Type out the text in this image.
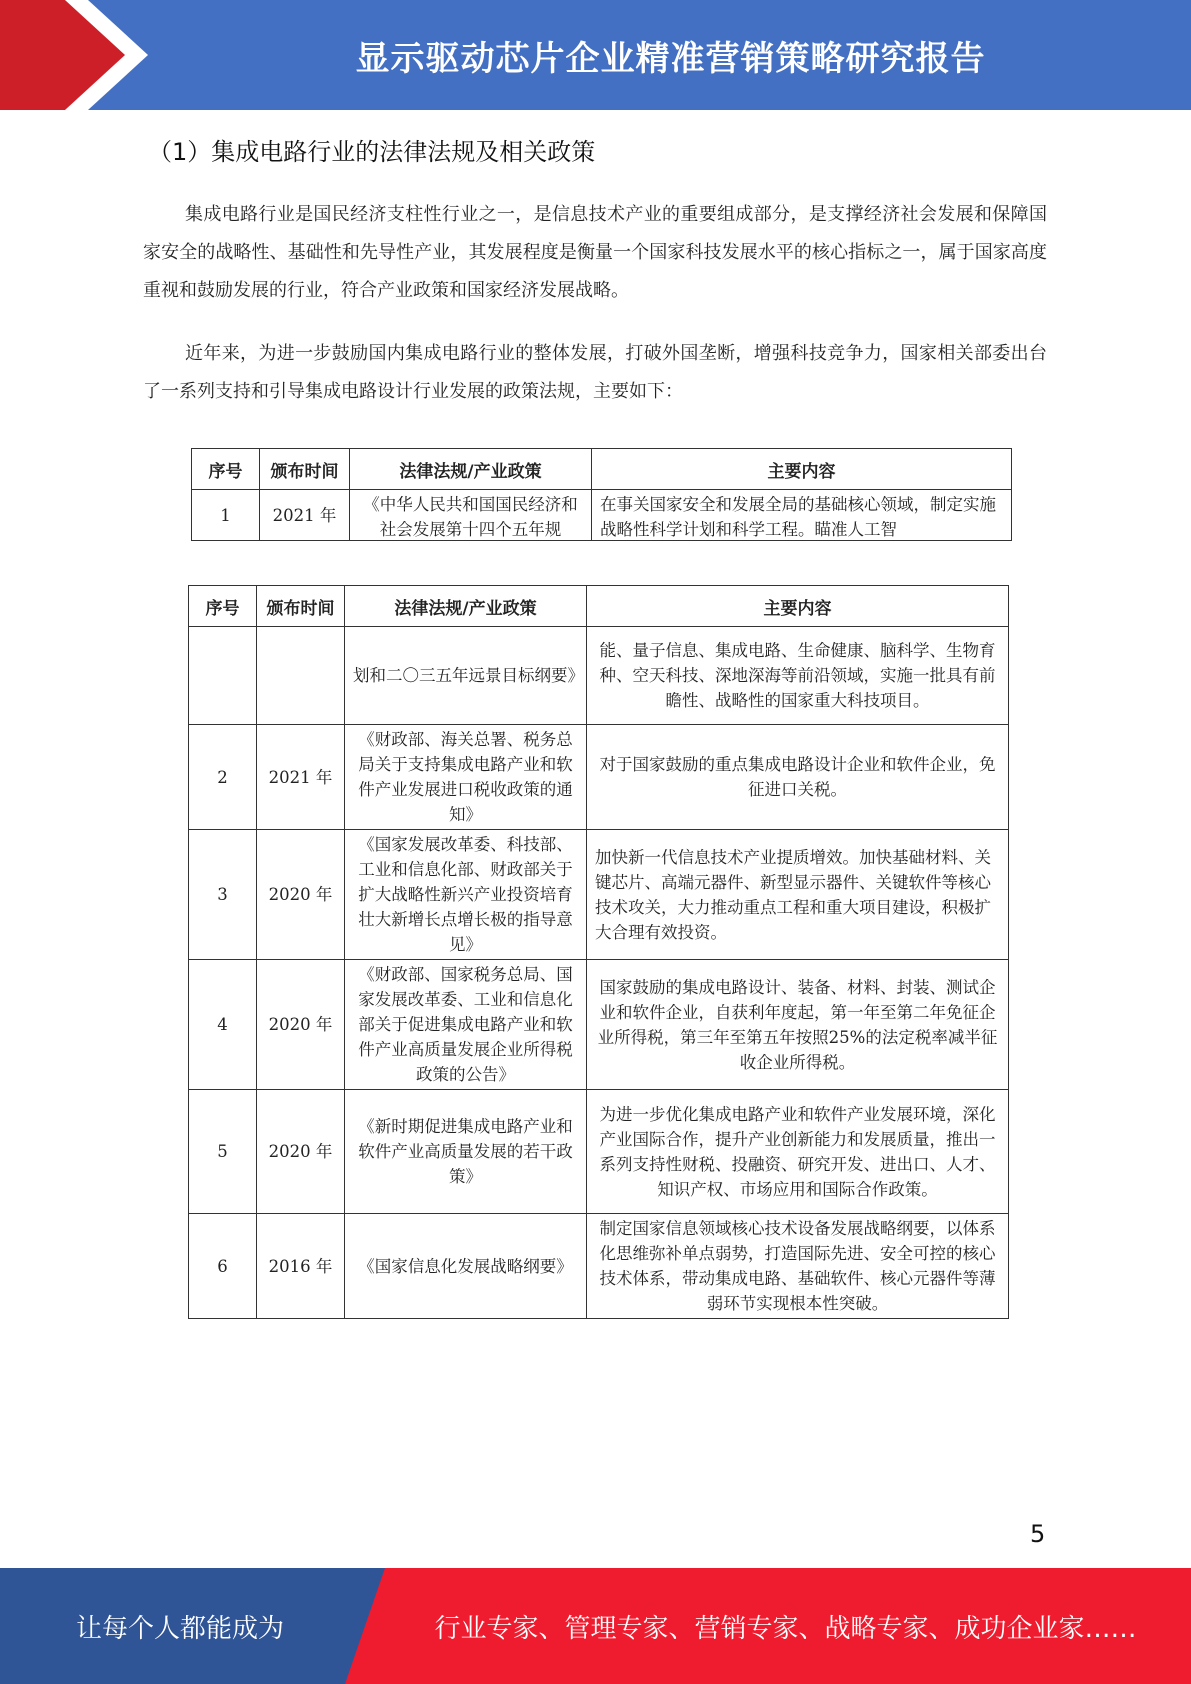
显示驱动芯片企业精准营销策略研究报告
（1）集成电路行业的法律法规及相关政策

集成电路行业是国民经济支柱性行业之一，是信息技术产业的重要组成部分，是支撑经济社会发展和保障国家安全的战略性、基础性和先导性产业，其发展程度是衡量一个国家科技发展水平的核心指标之一，属于国家高度重视和鼓励发展的行业，符合产业政策和国家经济发展战略。

近年来，为进一步鼓励国内集成电路行业的整体发展，打破外国垄断，增强科技竞争力，国家相关部委出台了一系列支持和引导集成电路设计行业发展的政策法规，主要如下：

序号	颁布时间	法律法规/产业政策	主要内容
1	2021 年	《中华人民共和国国民经济和社会发展第十四个五年规	在事关国家安全和发展全局的基础核心领域，制定实施战略性科学计划和科学工程。瞄准人工智
序号	颁布时间	法律法规/产业政策	主要内容
		划和二〇三五年远景目标纲要》	能、量子信息、集成电路、生命健康、脑科学、生物育种、空天科技、深地深海等前沿领域，实施一批具有前瞻性、战略性的国家重大科技项目。
2	2021 年	《财政部、海关总署、税务总局关于支持集成电路产业和软件产业发展进口税收政策的通知》	对于国家鼓励的重点集成电路设计企业和软件企业，免征进口关税。
3	2020 年	《国家发展改革委、科技部、工业和信息化部、财政部关于扩大战略性新兴产业投资培育壮大新增长点增长极的指导意见》	加快新一代信息技术产业提质增效。加快基础材料、关键芯片、高端元器件、新型显示器件、关键软件等核心技术攻关，大力推动重点工程和重大项目建设，积极扩大合理有效投资。
4	2020 年	《财政部、国家税务总局、国家发展改革委、工业和信息化部关于促进集成电路产业和软件产业高质量发展企业所得税政策的公告》	国家鼓励的集成电路设计、装备、材料、封装、测试企业和软件企业，自获利年度起，第一年至第二年免征企业所得税，第三年至第五年按照25%的法定税率减半征收企业所得税。
5	2020 年	《新时期促进集成电路产业和软件产业高质量发展的若干政策》	为进一步优化集成电路产业和软件产业发展环境，深化产业国际合作，提升产业创新能力和发展质量，推出一系列支持性财税、投融资、研究开发、进出口、人才、知识产权、市场应用和国际合作政策。
6	2016 年	《国家信息化发展战略纲要》	制定国家信息领域核心技术设备发展战略纲要，以体系化思维弥补单点弱势，打造国际先进、安全可控的核心技术体系，带动集成电路、基础软件、核心元器件等薄弱环节实现根本性突破。
5
让每个人都能成为	行业专家、管理专家、营销专家、战略专家、成功企业家……
